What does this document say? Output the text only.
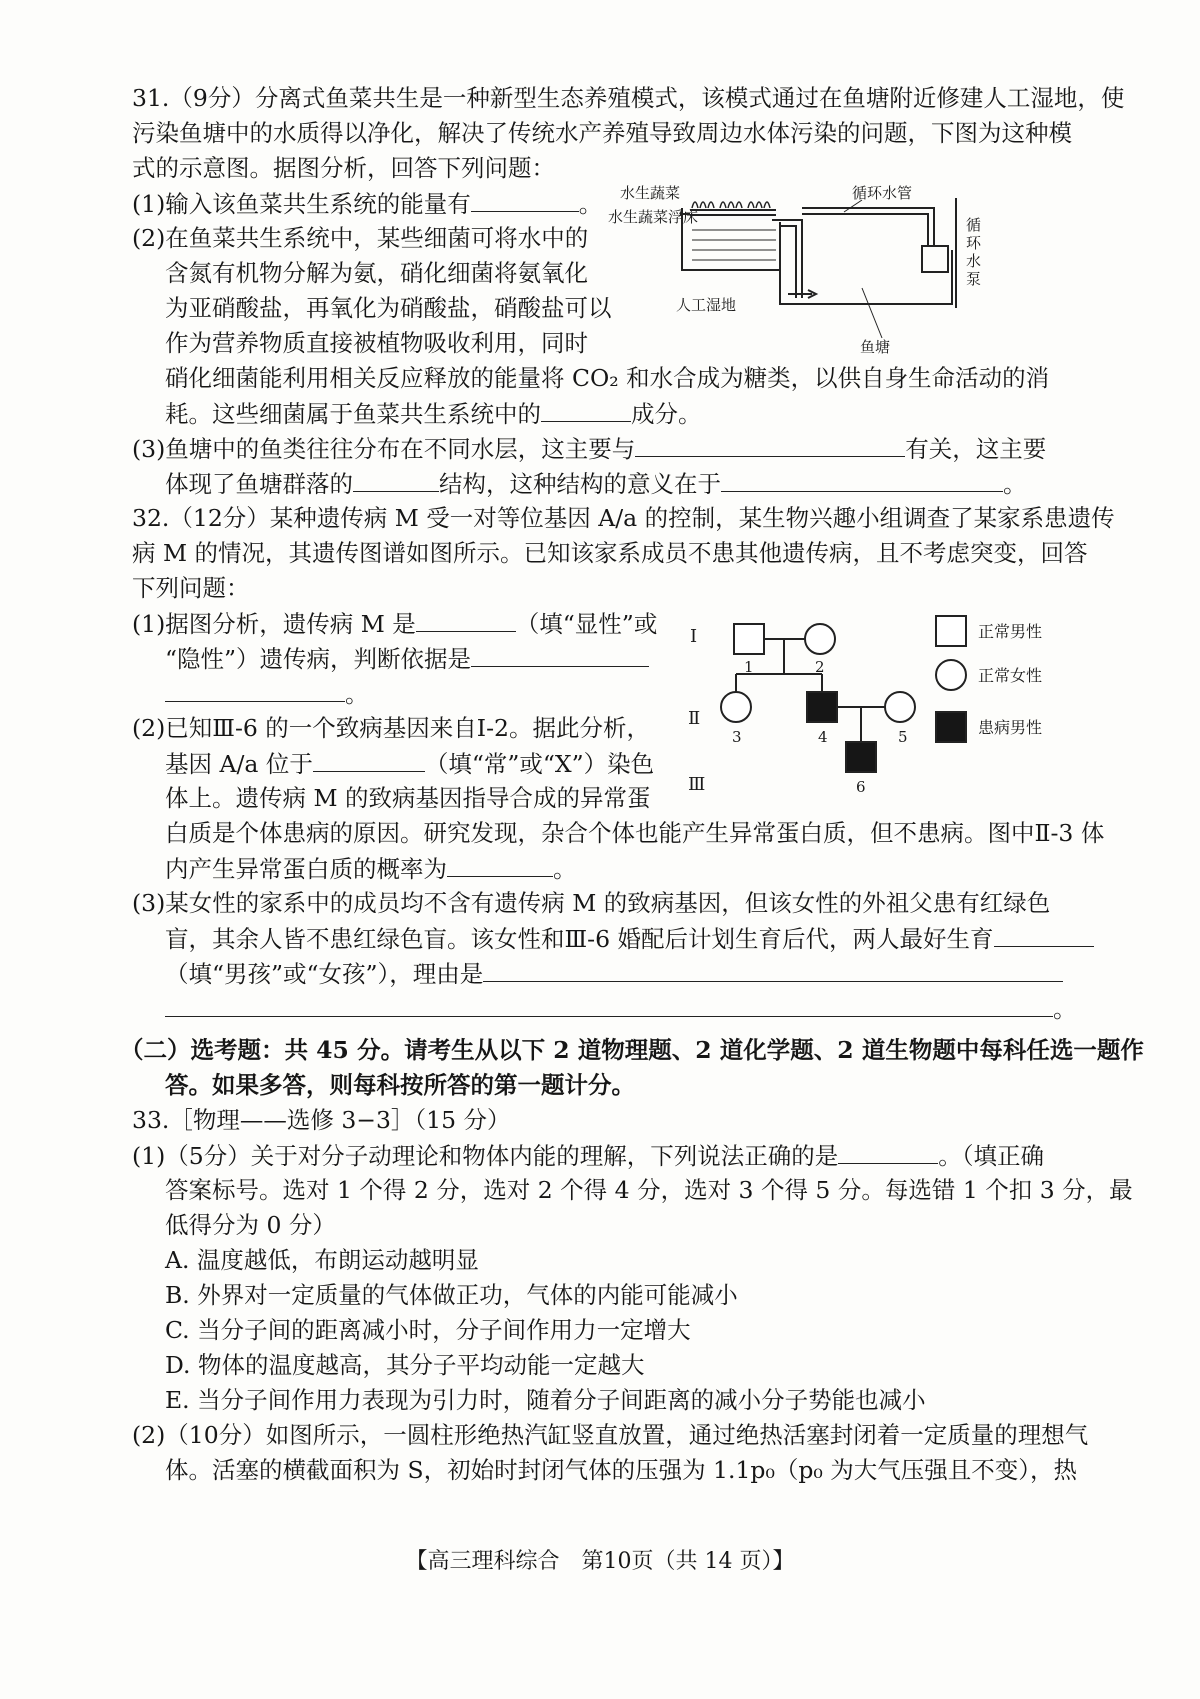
31.（9分）分离式鱼菜共生是一种新型生态养殖模式，该模式通过在鱼塘附近修建人工湿地，使
污染鱼塘中的水质得以净化，解决了传统水产养殖导致周边水体污染的问题，下图为这种模
式的示意图。据图分析，回答下列问题：
(1)输入该鱼菜共生系统的能量有	。
(2)在鱼菜共生系统中，某些细菌可将水中的
含氮有机物分解为氨，硝化细菌将氨氧化
为亚硝酸盐，再氧化为硝酸盐，硝酸盐可以
作为营养物质直接被植物吸收利用，同时
硝化细菌能利用相关反应释放的能量将 CO₂ 和水合成为糖类，以供自身生命活动的消
耗。这些细菌属于鱼菜共生系统中的	成分。
(3)鱼塘中的鱼类往往分布在不同水层，这主要与	有关，这主要
体现了鱼塘群落的	结构，这种结构的意义在于	。
水生蔬菜
水生蔬菜浮床
循环水管
人工湿地
鱼塘
循
环
水
泵
32.（12分）某种遗传病 M 受一对等位基因 A/a 的控制，某生物兴趣小组调查了某家系患遗传
病 M 的情况，其遗传图谱如图所示。已知该家系成员不患其他遗传病，且不考虑突变，回答
下列问题：
(1)据图分析，遗传病 M 是	（填“显性”或
“隐性”）遗传病，判断依据是
。
(2)已知Ⅲ-6 的一个致病基因来自Ⅰ-2。据此分析，
基因 A/a 位于	（填“常”或“X”）染色
体上。遗传病 M 的致病基因指导合成的异常蛋
白质是个体患病的原因。研究发现，杂合个体也能产生异常蛋白质，但不患病。图中Ⅱ-3 体
内产生异常蛋白质的概率为	。
(3)某女性的家系中的成员均不含有遗传病 M 的致病基因，但该女性的外祖父患有红绿色
盲，其余人皆不患红绿色盲。该女性和Ⅲ-6 婚配后计划生育后代，两人最好生育
（填“男孩”或“女孩”），理由是
。
Ⅰ
Ⅱ
Ⅲ
1	2
3	4	5
6
正常男性
正常女性
患病男性
（二）选考题：共 45 分。请考生从以下 2 道物理题、2 道化学题、2 道生物题中每科任选一题作
答。如果多答，则每科按所答的第一题计分。
33.［物理——选修 3−3］（15 分）
(1)（5分）关于对分子动理论和物体内能的理解，下列说法正确的是	。（填正确
答案标号。选对 1 个得 2 分，选对 2 个得 4 分，选对 3 个得 5 分。每选错 1 个扣 3 分，最
低得分为 0 分）
A. 温度越低，布朗运动越明显
B. 外界对一定质量的气体做正功，气体的内能可能减小
C. 当分子间的距离减小时，分子间作用力一定增大
D. 物体的温度越高，其分子平均动能一定越大
E. 当分子间作用力表现为引力时，随着分子间距离的减小分子势能也减小
(2)（10分）如图所示，一圆柱形绝热汽缸竖直放置，通过绝热活塞封闭着一定质量的理想气
体。活塞的横截面积为 S，初始时封闭气体的压强为 1.1p₀（p₀ 为大气压强且不变），热
【高三理科综合　第10页（共 14 页）】
